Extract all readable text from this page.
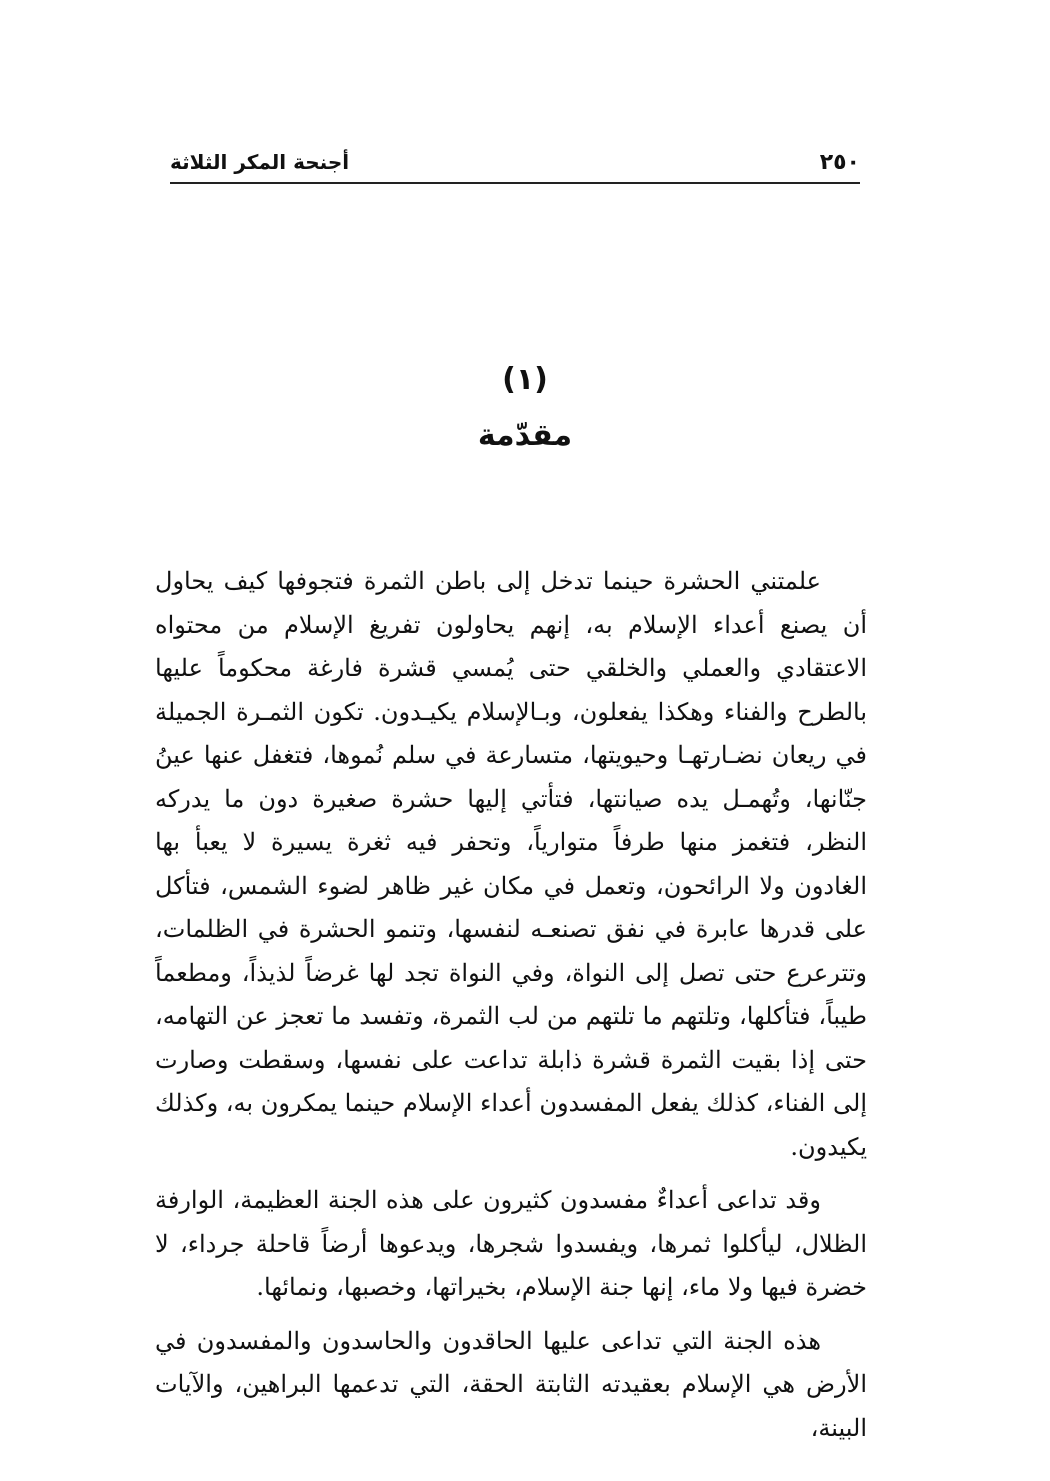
٢٥٠
أجنحة المكر الثلاثة
(١)
مقدّمة

علمتني الحشرة حينما تدخل إلى باطن الثمرة فتجوفها كيف يحاول أن يصنع أعداء الإسلام به، إنهم يحاولون تفريغ الإسلام من محتواه الاعتقادي والعملي والخلقي حتى يُمسي قشرة فارغة محكوماً عليها بالطرح والفناء وهكذا يفعلون، وبـالإسلام يكيـدون. تكون الثمـرة الجميلة في ريعان نضـارتهـا وحيويتها، متسارعة في سلم نُموها، فتغفل عنها عينُ جنّانها، وتُهمـل يده صيانتها، فتأتي إليها حشرة صغيرة دون ما يدركه النظر، فتغمز منها طرفاً متوارياً، وتحفر فيه ثغرة يسيرة لا يعبأ بها الغادون ولا الرائحون، وتعمل في مكان غير ظاهر لضوء الشمس، فتأكل على قدرها عابرة في نفق تصنعـه لنفسها، وتنمو الحشرة في الظلمات، وتترعرع حتى تصل إلى النواة، وفي النواة تجد لها غرضاً لذيذاً، ومطعماً طيباً، فتأكلها، وتلتهم ما تلتهم من لب الثمرة، وتفسد ما تعجز عن التهامه، حتى إذا بقيت الثمرة قشرة ذابلة تداعت على نفسها، وسقطت وصارت إلى الفناء، كذلك يفعل المفسدون أعداء الإسلام حينما يمكرون به، وكذلك يكيدون.

وقد تداعى أعداءٌ مفسدون كثيرون على هذه الجنة العظيمة، الوارفة الظلال، ليأكلوا ثمرها، ويفسدوا شجرها، ويدعوها أرضاً قاحلة جرداء، لا خضرة فيها ولا ماء، إنها جنة الإسلام، بخيراتها، وخصبها، ونمائها.

هذه الجنة التي تداعى عليها الحاقدون والحاسدون والمفسدون في الأرض هي الإسلام بعقيدته الثابتة الحقة، التي تدعمها البراهين، والآيات البينة،
